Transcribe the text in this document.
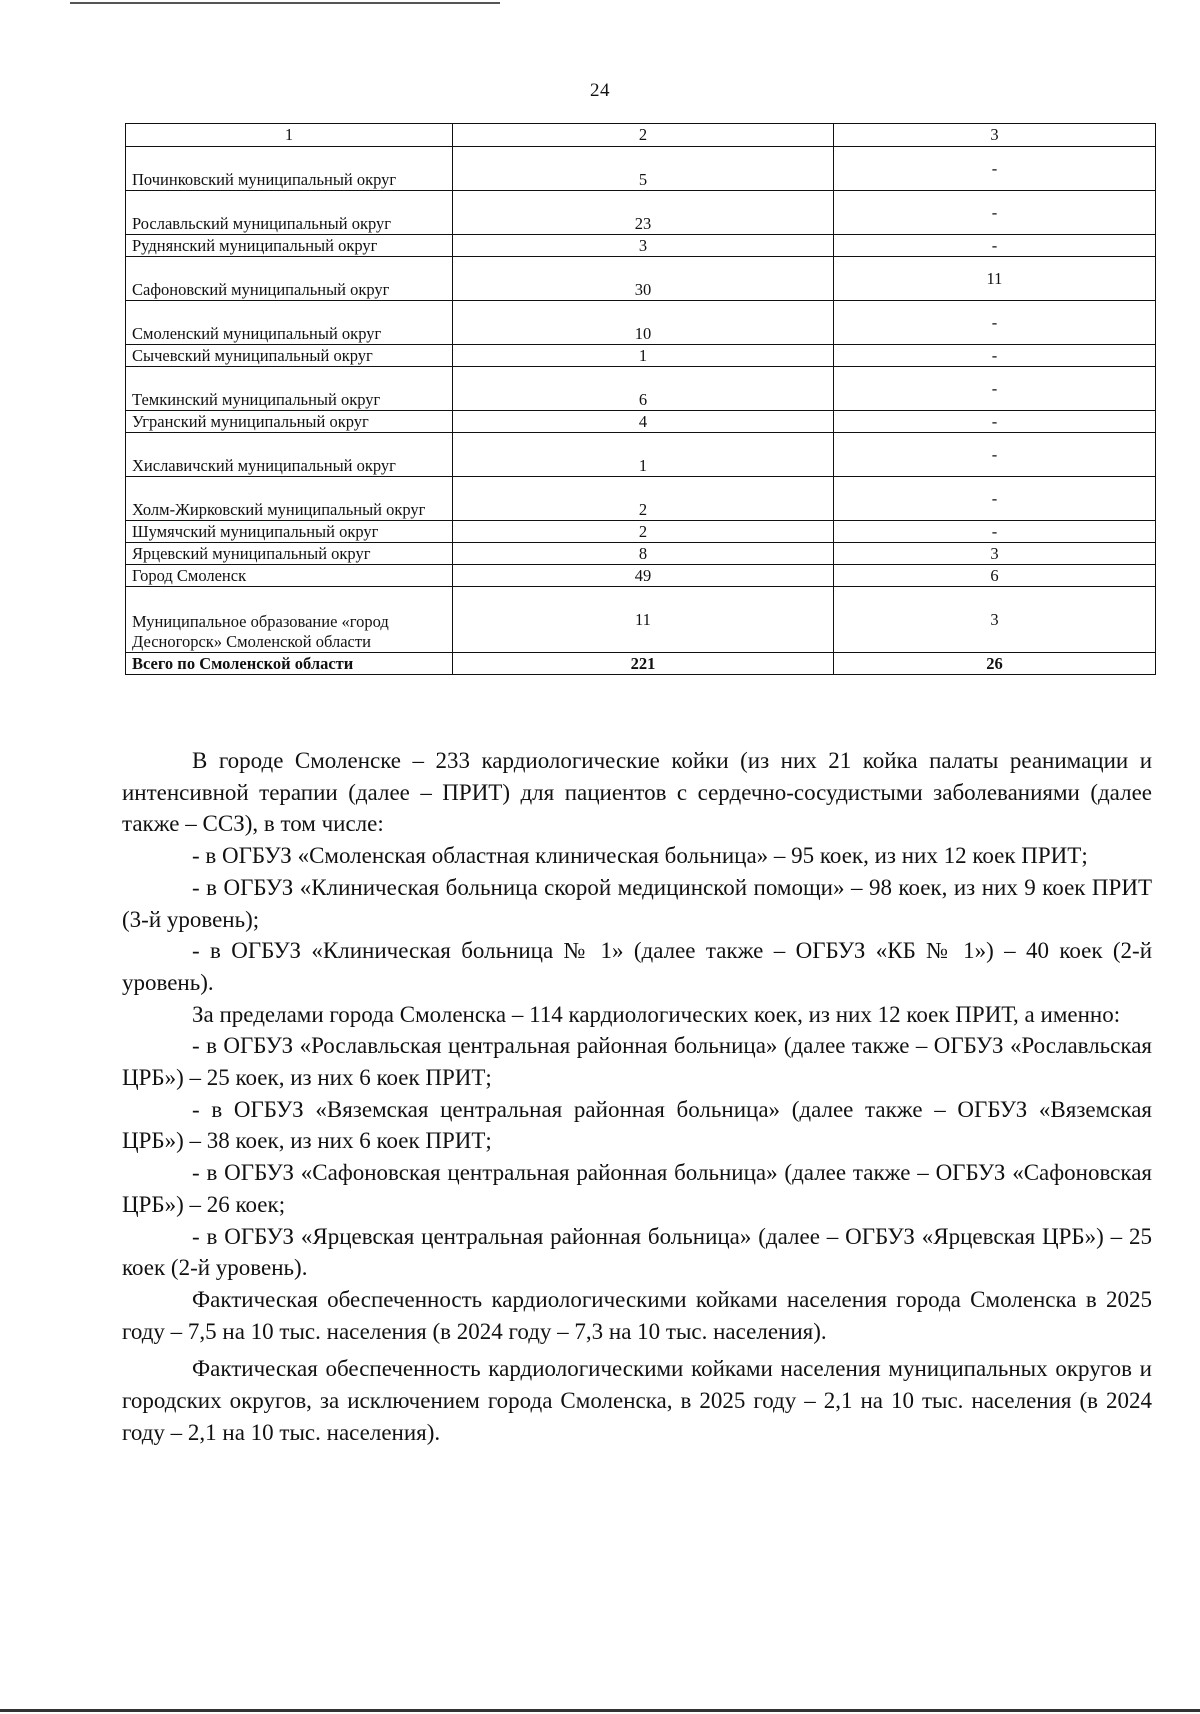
24
1	2	3
Починковский муниципальный округ	5	-
Рославльский муниципальный округ	23	-
Руднянский муниципальный округ	3	-
Сафоновский муниципальный округ	30	11
Смоленский муниципальный округ	10	-
Сычевский муниципальный округ	1	-
Темкинский муниципальный округ	6	-
Угранский муниципальный округ	4	-
Хиславичский муниципальный округ	1	-
Холм-Жирковский муниципальный округ	2	-
Шумячский муниципальный округ	2	-
Ярцевский муниципальный округ	8	3
Город Смоленск	49	6
Муниципальное образование «город Десногорск» Смоленской области	11	3
Всего по Смоленской области	221	26

В городе Смоленске – 233 кардиологические койки (из них 21 койка палаты реанимации и интенсивной терапии (далее – ПРИТ) для пациентов с сердечно-сосудистыми заболеваниями (далее также – ССЗ), в том числе:

- в ОГБУЗ «Смоленская областная клиническая больница» – 95 коек, из них 12 коек ПРИТ;

- в ОГБУЗ «Клиническая больница скорой медицинской помощи» – 98 коек, из них 9 коек ПРИТ (3-й уровень);

- в ОГБУЗ «Клиническая больница № 1» (далее также – ОГБУЗ «КБ № 1») – 40 коек (2-й уровень).

За пределами города Смоленска – 114 кардиологических коек, из них 12 коек ПРИТ, а именно:

- в ОГБУЗ «Рославльская центральная районная больница» (далее также – ОГБУЗ «Рославльская ЦРБ») – 25 коек, из них 6 коек ПРИТ;

- в ОГБУЗ «Вяземская центральная районная больница» (далее также – ОГБУЗ «Вяземская ЦРБ») – 38 коек, из них 6 коек ПРИТ;

- в ОГБУЗ «Сафоновская центральная районная больница» (далее также – ОГБУЗ «Сафоновская ЦРБ») – 26 коек;

- в ОГБУЗ «Ярцевская центральная районная больница» (далее – ОГБУЗ «Ярцевская ЦРБ») – 25 коек (2-й уровень).

Фактическая обеспеченность кардиологическими койками населения города Смоленска в 2025 году – 7,5 на 10 тыс. населения (в 2024 году – 7,3 на 10 тыс. населения).

Фактическая обеспеченность кардиологическими койками населения муниципальных округов и городских округов, за исключением города Смоленска, в 2025 году – 2,1 на 10 тыс. населения (в 2024 году – 2,1 на 10 тыс. населения).
